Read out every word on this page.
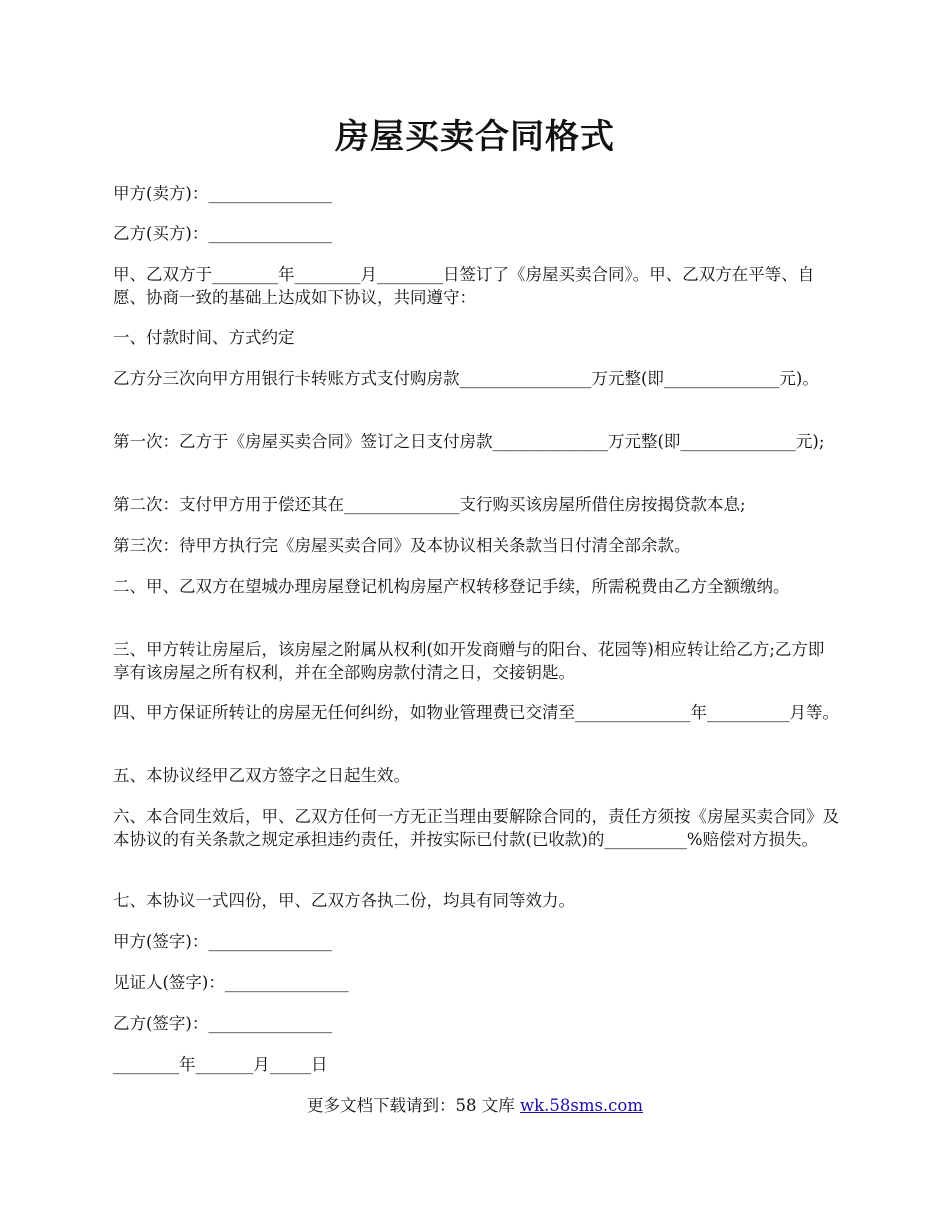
房屋买卖合同格式
甲方(卖方)：_______________
乙方(买方)：_______________
甲、乙双方于________年________月________日签订了《房屋买卖合同》。甲、乙双方在平等、自愿、协商一致的基础上达成如下协议，共同遵守：
一、付款时间、方式约定
乙方分三次向甲方用银行卡转账方式支付购房款________________万元整(即______________元)。
第一次：乙方于《房屋买卖合同》签订之日支付房款______________万元整(即______________元);
第二次：支付甲方用于偿还其在______________支行购买该房屋所借住房按揭贷款本息;
第三次：待甲方执行完《房屋买卖合同》及本协议相关条款当日付清全部余款。
二、甲、乙双方在望城办理房屋登记机构房屋产权转移登记手续，所需税费由乙方全额缴纳。
三、甲方转让房屋后，该房屋之附属从权利(如开发商赠与的阳台、花园等)相应转让给乙方;乙方即享有该房屋之所有权利，并在全部购房款付清之日，交接钥匙。
四、甲方保证所转让的房屋无任何纠纷，如物业管理费已交清至______________年__________月等。
五、本协议经甲乙双方签字之日起生效。
六、本合同生效后，甲、乙双方任何一方无正当理由要解除合同的，责任方须按《房屋买卖合同》及本协议的有关条款之规定承担违约责任，并按实际已付款(已收款)的__________%赔偿对方损失。
七、本协议一式四份，甲、乙双方各执二份，均具有同等效力。
甲方(签字)：_______________
见证人(签字)：_______________
乙方(签字)：_______________
________年_______月_____日
更多文档下载请到：58 文库 wk.58sms.com
